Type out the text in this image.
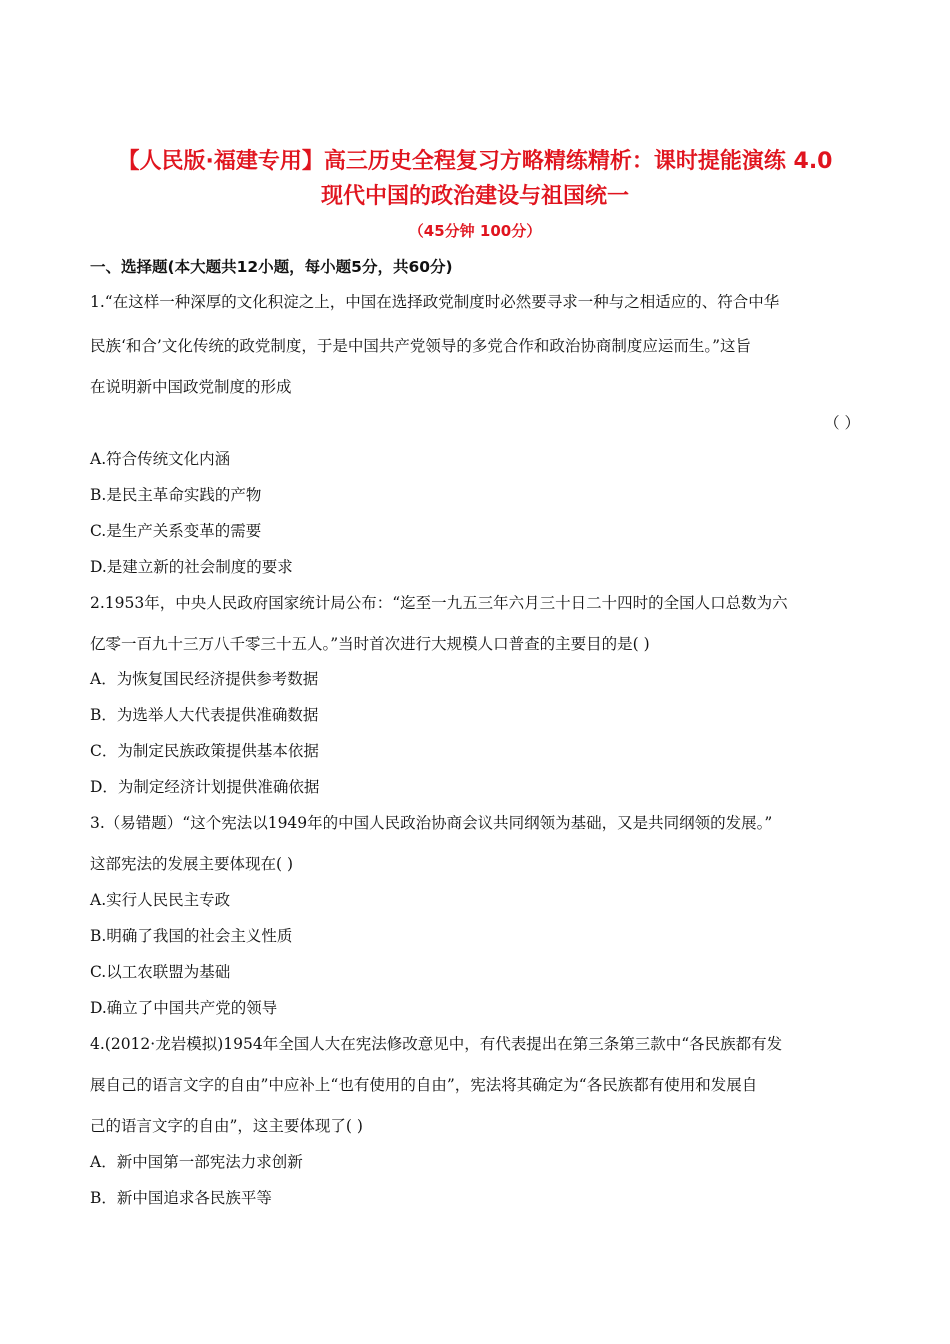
【人民版·福建专用】高三历史全程复习方略精练精析：课时提能演练 4.0
现代中国的政治建设与祖国统一
（45分钟 100分）
一、选择题(本大题共12小题，每小题5分，共60分)
1.“在这样一种深厚的文化积淀之上，中国在选择政党制度时必然要寻求一种与之相适应的、符合中华
民族‘和合’文化传统的政党制度，于是中国共产党领导的多党合作和政治协商制度应运而生。”这旨
在说明新中国政党制度的形成
（ ）
A.符合传统文化内涵
B.是民主革命实践的产物
C.是生产关系变革的需要
D.是建立新的社会制度的要求
2.1953年，中央人民政府国家统计局公布：“迄至一九五三年六月三十日二十四时的全国人口总数为六
亿零一百九十三万八千零三十五人。”当时首次进行大规模人口普查的主要目的是( )
A．为恢复国民经济提供参考数据
B．为选举人大代表提供准确数据
C．为制定民族政策提供基本依据
D．为制定经济计划提供准确依据
3.（易错题）“这个宪法以1949年的中国人民政治协商会议共同纲领为基础，又是共同纲领的发展。”
这部宪法的发展主要体现在( )
A.实行人民民主专政
B.明确了我国的社会主义性质
C.以工农联盟为基础
D.确立了中国共产党的领导
4.(2012·龙岩模拟)1954年全国人大在宪法修改意见中，有代表提出在第三条第三款中“各民族都有发
展自己的语言文字的自由”中应补上“也有使用的自由”，宪法将其确定为“各民族都有使用和发展自
己的语言文字的自由”，这主要体现了( )
A．新中国第一部宪法力求创新
B．新中国追求各民族平等
